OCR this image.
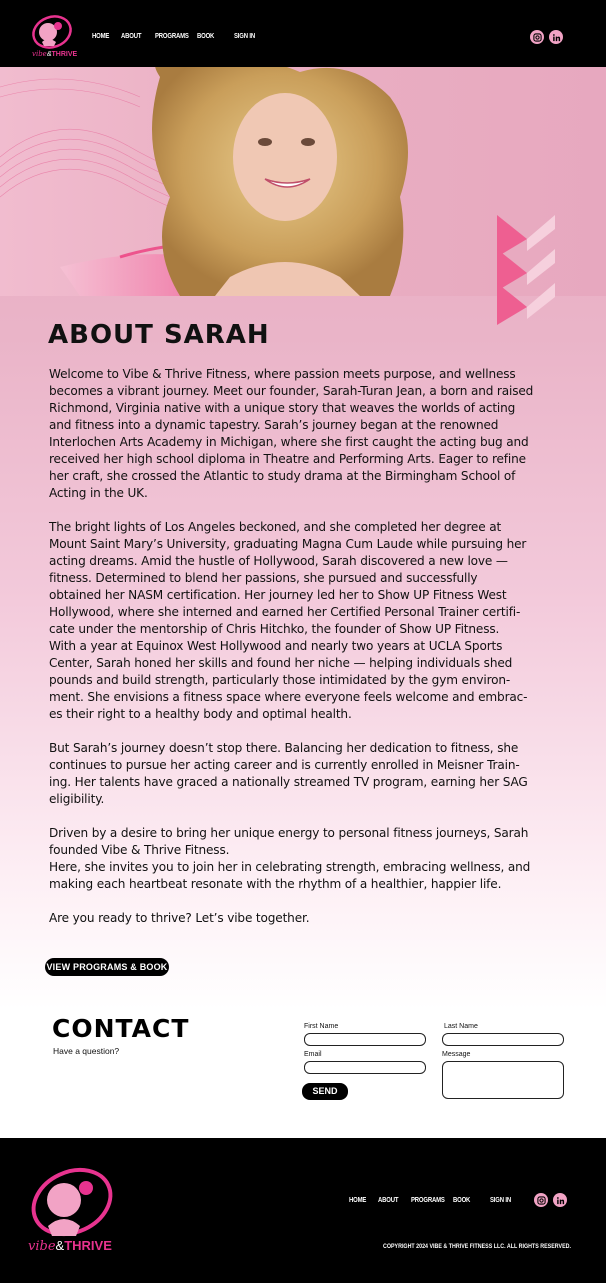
vibe&THRIVE
HOME ABOUT PROGRAMS BOOK	SIGN IN
ABOUT SARAH

Welcome to Vibe & Thrive Fitness, where passion meets purpose, and wellness
becomes a vibrant journey. Meet our founder, Sarah-Turan Jean, a born and raised
Richmond, Virginia native with a unique story that weaves the worlds of acting
and fitness into a dynamic tapestry. Sarah’s journey began at the renowned
Interlochen Arts Academy in Michigan, where she first caught the acting bug and
received her high school diploma in Theatre and Performing Arts. Eager to refine
her craft, she crossed the Atlantic to study drama at the Birmingham School of
Acting in the UK.

The bright lights of Los Angeles beckoned, and she completed her degree at
Mount Saint Mary’s University, graduating Magna Cum Laude while pursuing her
acting dreams. Amid the hustle of Hollywood, Sarah discovered a new love —
fitness. Determined to blend her passions, she pursued and successfully
obtained her NASM certification. Her journey led her to Show UP Fitness West
Hollywood, where she interned and earned her Certified Personal Trainer certifi-
cate under the mentorship of Chris Hitchko, the founder of Show UP Fitness.
With a year at Equinox West Hollywood and nearly two years at UCLA Sports
Center, Sarah honed her skills and found her niche — helping individuals shed
pounds and build strength, particularly those intimidated by the gym environ-
ment. She envisions a fitness space where everyone feels welcome and embrac-
es their right to a healthy body and optimal health.

But Sarah’s journey doesn’t stop there. Balancing her dedication to fitness, she
continues to pursue her acting career and is currently enrolled in Meisner Train-
ing. Her talents have graced a nationally streamed TV program, earning her SAG
eligibility.

Driven by a desire to bring her unique energy to personal fitness journeys, Sarah
founded Vibe & Thrive Fitness.
Here, she invites you to join her in celebrating strength, embracing wellness, and
making each heartbeat resonate with the rhythm of a healthier, happier life.

Are you ready to thrive? Let’s vibe together.

VIEW PROGRAMS & BOOK
CONTACT
Have a question?
First Name	Last Name
Email	Message
SEND
vibe&THRIVE
HOME ABOUT PROGRAMS BOOK	SIGN IN
COPYRIGHT 2024 VIBE & THRIVE FITNESS LLC. ALL RIGHTS RESERVED.
